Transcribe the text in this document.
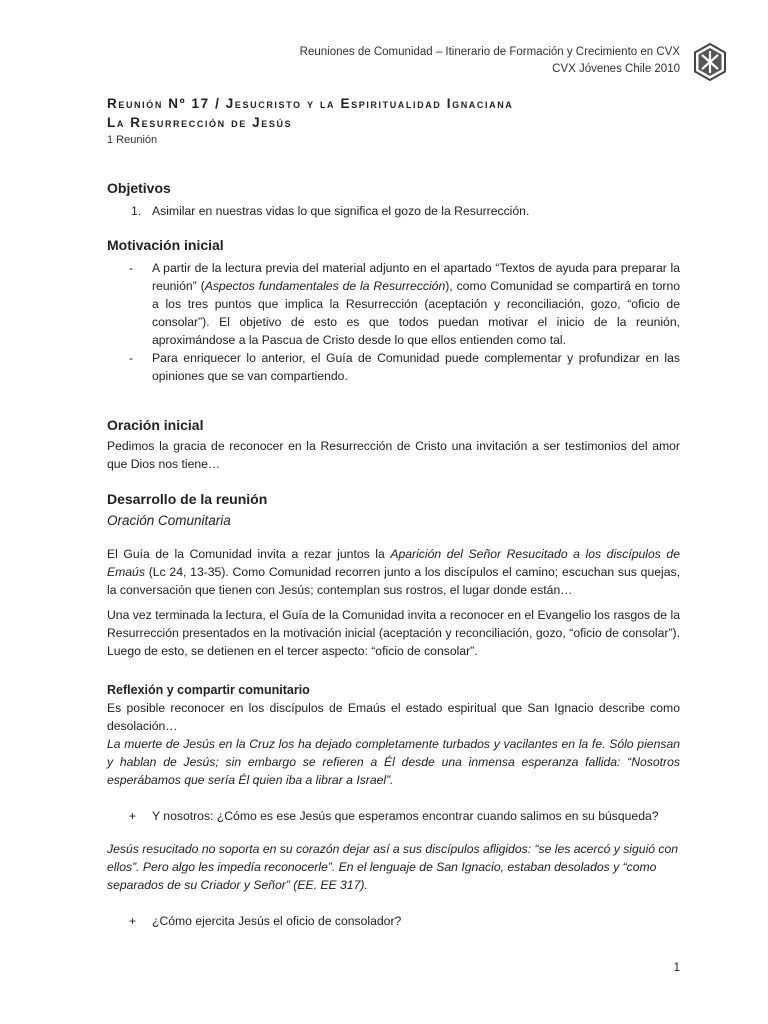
Reuniones de Comunidad – Itinerario de Formación y Crecimiento en CVX
CVX Jóvenes Chile 2010
Reunión Nº 17 / Jesucristo y la Espiritualidad Ignaciana
La Resurrección de Jesús
1 Reunión
Objetivos
1. Asimilar en nuestras vidas lo que significa el gozo de la Resurrección.
Motivación inicial
- A partir de la lectura previa del material adjunto en el apartado “Textos de ayuda para preparar la reunión” (Aspectos fundamentales de la Resurrección), como Comunidad se compartirá en torno a los tres puntos que implica la Resurrección (aceptación y reconciliación, gozo, “oficio de consolar”). El objetivo de esto es que todos puedan motivar el inicio de la reunión, aproximándose a la Pascua de Cristo desde lo que ellos entienden como tal.
- Para enriquecer lo anterior, el Guía de Comunidad puede complementar y profundizar en las opiniones que se van compartiendo.
Oración inicial

Pedimos la gracia de reconocer en la Resurrección de Cristo una invitación a ser testimonios del amor que Dios nos tiene…

Desarrollo de la reunión
Oración Comunitaria

El Guía de la Comunidad invita a rezar juntos la Aparición del Señor Resucitado a los discípulos de Emaús (Lc 24, 13-35). Como Comunidad recorren junto a los discípulos el camino; escuchan sus quejas, la conversación que tienen con Jesús; contemplan sus rostros, el lugar donde están…

Una vez terminada la lectura, el Guía de la Comunidad invita a reconocer en el Evangelio los rasgos de la Resurrección presentados en la motivación inicial (aceptación y reconciliación, gozo, “oficio de consolar”). Luego de esto, se detienen en el tercer aspecto: “oficio de consolar”.

Reflexión y compartir comunitario

Es posible reconocer en los discípulos de Emaús el estado espiritual que San Ignacio describe como desolación…

La muerte de Jesús en la Cruz los ha dejado completamente turbados y vacilantes en la fe. Sólo piensan y hablan de Jesús; sin embargo se refieren a Él desde una inmensa esperanza fallida: “Nosotros esperábamos que sería Él quien iba a librar a Israel”.

+ Y nosotros: ¿Cómo es ese Jesús que esperamos encontrar cuando salimos en su búsqueda?

Jesús resucitado no soporta en su corazón dejar así a sus discípulos afligidos: “se les acercó y siguió con ellos”. Pero algo les impedía reconocerle”. En el lenguaje de San Ignacio, estaban desolados y “como separados de su Criador y Señor” (EE. EE 317).

+ ¿Cómo ejercita Jesús el oficio de consolador?
1
